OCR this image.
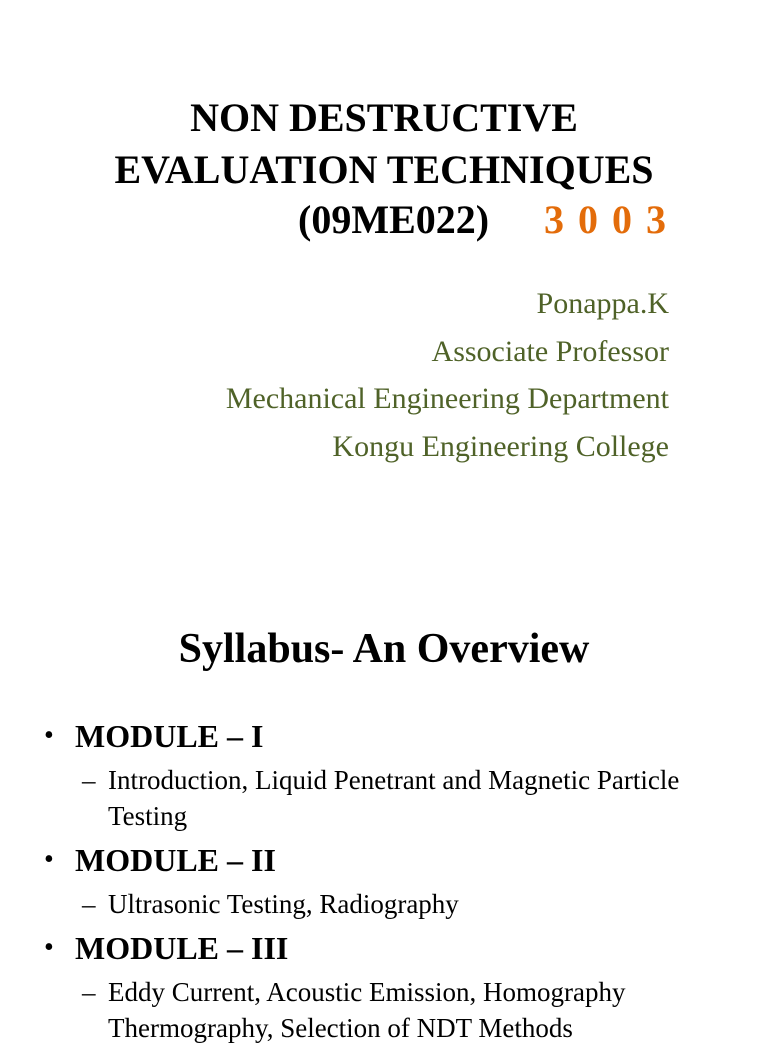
NON DESTRUCTIVE
EVALUATION TECHNIQUES
(09ME022) 3 0 0 3
Ponappa.K
Associate Professor
Mechanical Engineering Department
Kongu Engineering College
Syllabus- An Overview
• MODULE – I
– Introduction, Liquid Penetrant and Magnetic Particle Testing
• MODULE – II
– Ultrasonic Testing, Radiography
• MODULE – III
– Eddy Current, Acoustic Emission, Homography Thermography, Selection of NDT Methods
